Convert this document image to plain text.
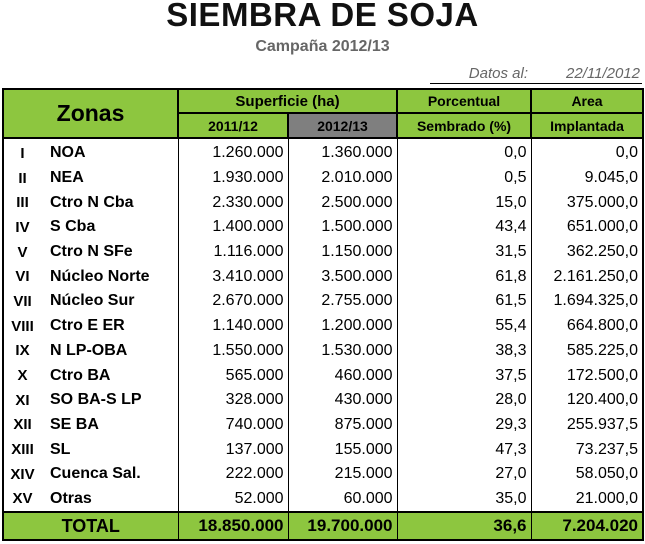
SIEMBRA DE SOJA
Campaña 2012/13
Datos al:	22/11/2012
Zonas		Superficie (ha)		Porcentual	Area
		2011/12	2012/13	Sembrado (%)	Implantada
I	NOA	1.260.000	1.360.000	0,0	0,0
II	NEA	1.930.000	2.010.000	0,5	9.045,0
III	Ctro N Cba	2.330.000	2.500.000	15,0	375.000,0
IV	S Cba	1.400.000	1.500.000	43,4	651.000,0
V	Ctro N SFe	1.116.000	1.150.000	31,5	362.250,0
VI	Núcleo Norte	3.410.000	3.500.000	61,8	2.161.250,0
VII	Núcleo Sur	2.670.000	2.755.000	61,5	1.694.325,0
VIII	Ctro E ER	1.140.000	1.200.000	55,4	664.800,0
IX	N LP-OBA	1.550.000	1.530.000	38,3	585.225,0
X	Ctro BA	565.000	460.000	37,5	172.500,0
XI	SO BA-S LP	328.000	430.000	28,0	120.400,0
XII	SE BA	740.000	875.000	29,3	255.937,5
XIII	SL	137.000	155.000	47,3	73.237,5
XIV	Cuenca Sal.	222.000	215.000	27,0	58.050,0
XV	Otras	52.000	60.000	35,0	21.000,0
TOTAL		18.850.000	19.700.000	36,6	7.204.020
